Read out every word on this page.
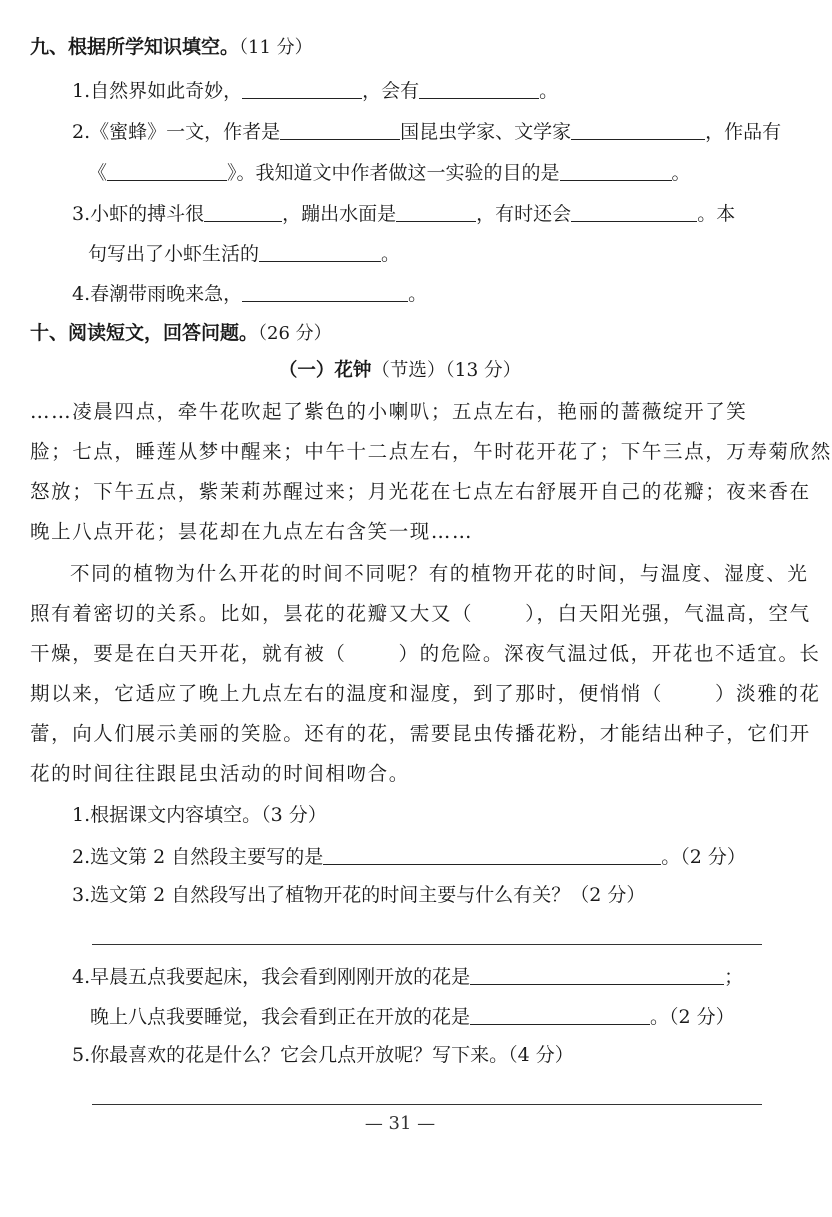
九、根据所学知识填空。（11 分）
1.自然界如此奇妙，	，会有	。
2.《蜜蜂》一文，作者是	国昆虫学家、文学家	，作品有
《	》。我知道文中作者做这一实验的目的是	。
3.小虾的搏斗很	，蹦出水面是	，有时还会	。本
句写出了小虾生活的	。
4.春潮带雨晚来急，	。
十、阅读短文，回答问题。（26 分）
（一）花钟（节选）（13 分）
……凌晨四点，牵牛花吹起了紫色的小喇叭；五点左右，艳丽的蔷薇绽开了笑
脸；七点，睡莲从梦中醒来；中午十二点左右，午时花开花了；下午三点，万寿菊欣然
怒放；下午五点，紫茉莉苏醒过来；月光花在七点左右舒展开自己的花瓣；夜来香在
晚上八点开花；昙花却在九点左右含笑一现……
不同的植物为什么开花的时间不同呢？有的植物开花的时间，与温度、湿度、光
照有着密切的关系。比如，昙花的花瓣又大又（	），白天阳光强，气温高，空气
干燥，要是在白天开花，就有被（	）的危险。深夜气温过低，开花也不适宜。长
期以来，它适应了晚上九点左右的温度和湿度，到了那时，便悄悄（	）淡雅的花
蕾，向人们展示美丽的笑脸。还有的花，需要昆虫传播花粉，才能结出种子，它们开
花的时间往往跟昆虫活动的时间相吻合。
1.根据课文内容填空。（3 分）
2.选文第 2 自然段主要写的是	。（2 分）
3.选文第 2 自然段写出了植物开花的时间主要与什么有关？（2 分）
4.早晨五点我要起床，我会看到刚刚开放的花是	；
晚上八点我要睡觉，我会看到正在开放的花是	。（2 分）
5.你最喜欢的花是什么？它会几点开放呢？写下来。（4 分）
— 31 —
